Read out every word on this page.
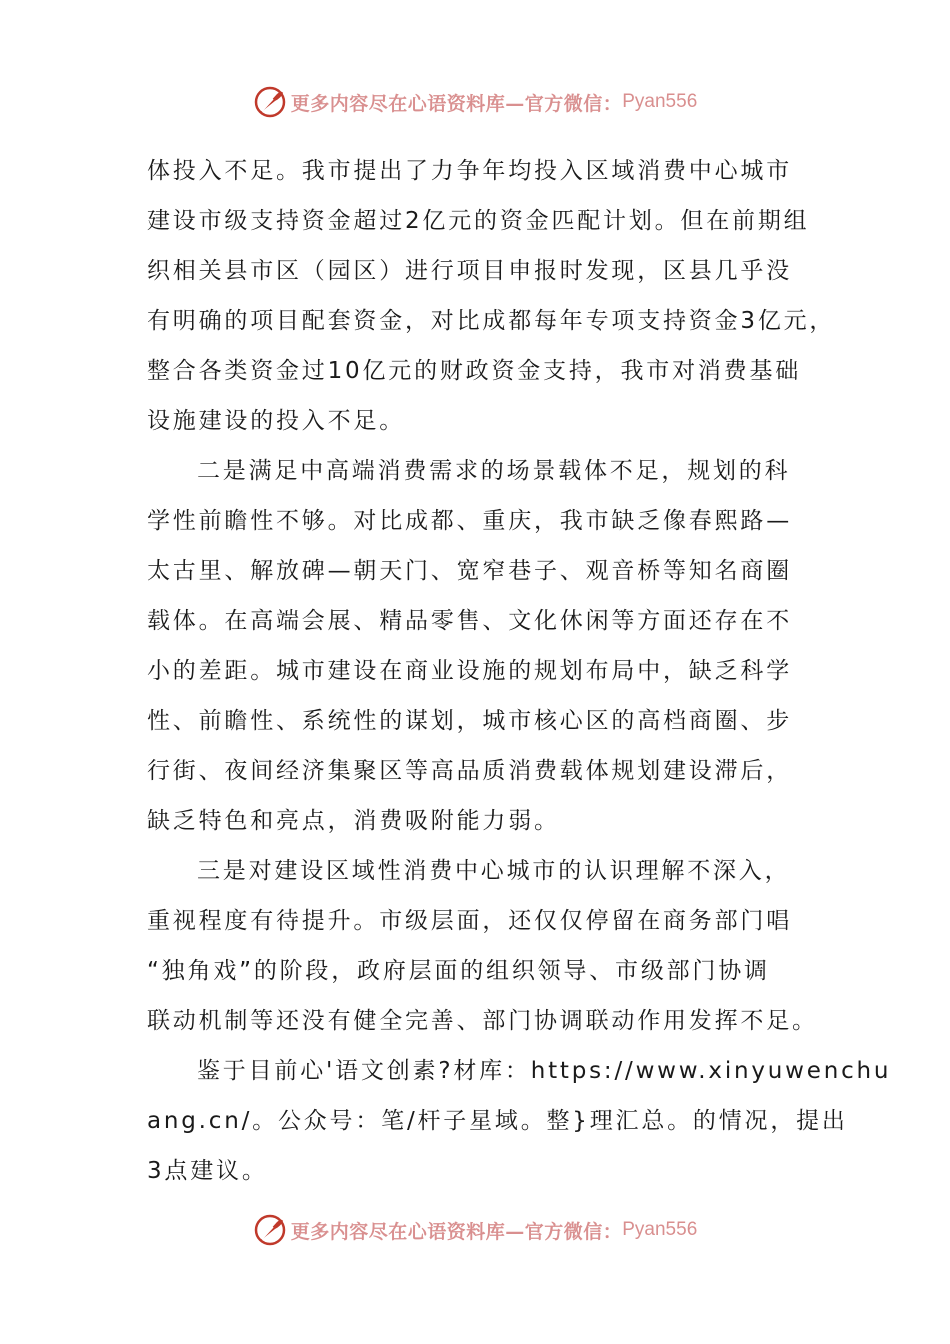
更多内容尽在心语资料库—官方微信： Pyan556
体投入不足。我市提出了力争年均投入区域消费中心城市
建设市级支持资金超过2亿元的资金匹配计划。但在前期组
织相关县市区（园区）进行项目申报时发现，区县几乎没
有明确的项目配套资金，对比成都每年专项支持资金3亿元，
整合各类资金过10亿元的财政资金支持，我市对消费基础
设施建设的投入不足。
二是满足中高端消费需求的场景载体不足，规划的科
学性前瞻性不够。对比成都、重庆，我市缺乏像春熙路—
太古里、解放碑—朝天门、宽窄巷子、观音桥等知名商圈
载体。在高端会展、精品零售、文化休闲等方面还存在不
小的差距。城市建设在商业设施的规划布局中，缺乏科学
性、前瞻性、系统性的谋划，城市核心区的高档商圈、步
行街、夜间经济集聚区等高品质消费载体规划建设滞后，
缺乏特色和亮点，消费吸附能力弱。
三是对建设区域性消费中心城市的认识理解不深入，
重视程度有待提升。市级层面，还仅仅停留在商务部门唱
“独角戏”的阶段，政府层面的组织领导、市级部门协调
联动机制等还没有健全完善、部门协调联动作用发挥不足。
鉴于目前心'语文创素?材库：https://www.xinyuwenchu
ang.cn/。公众号：笔/杆子星域。整}理汇总。的情况，提出
3点建议。
更多内容尽在心语资料库—官方微信： Pyan556
